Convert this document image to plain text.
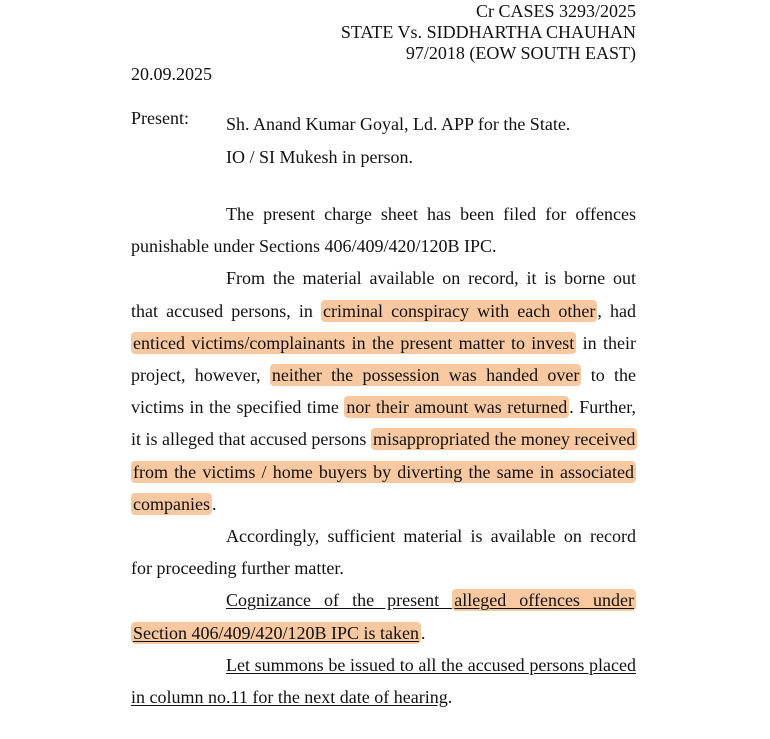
Cr CASES 3293/2025
STATE Vs. SIDDHARTHA CHAUHAN
97/2018 (EOW SOUTH EAST)
20.09.2025
Present: Sh. Anand Kumar Goyal, Ld. APP for the State.
IO / SI Mukesh in person.

The present charge sheet has been filed for offences punishable under Sections 406/409/420/120B IPC.

From the material available on record, it is borne out that accused persons, in criminal conspiracy with each other , had enticed victims/complainants in the present matter to invest in their project, however, neither the possession was handed over to the victims in the specified time nor their amount was returned . Further, it is alleged that accused persons misappropriated the money received from the victims / home buyers by diverting the same in associated companies .

Accordingly, sufficient material is available on record for proceeding further matter.

Cognizance of the present alleged offences under Section 406/409/420/120B IPC is taken .

Let summons be issued to all the accused persons placed in column no.11 for the next date of hearing.
